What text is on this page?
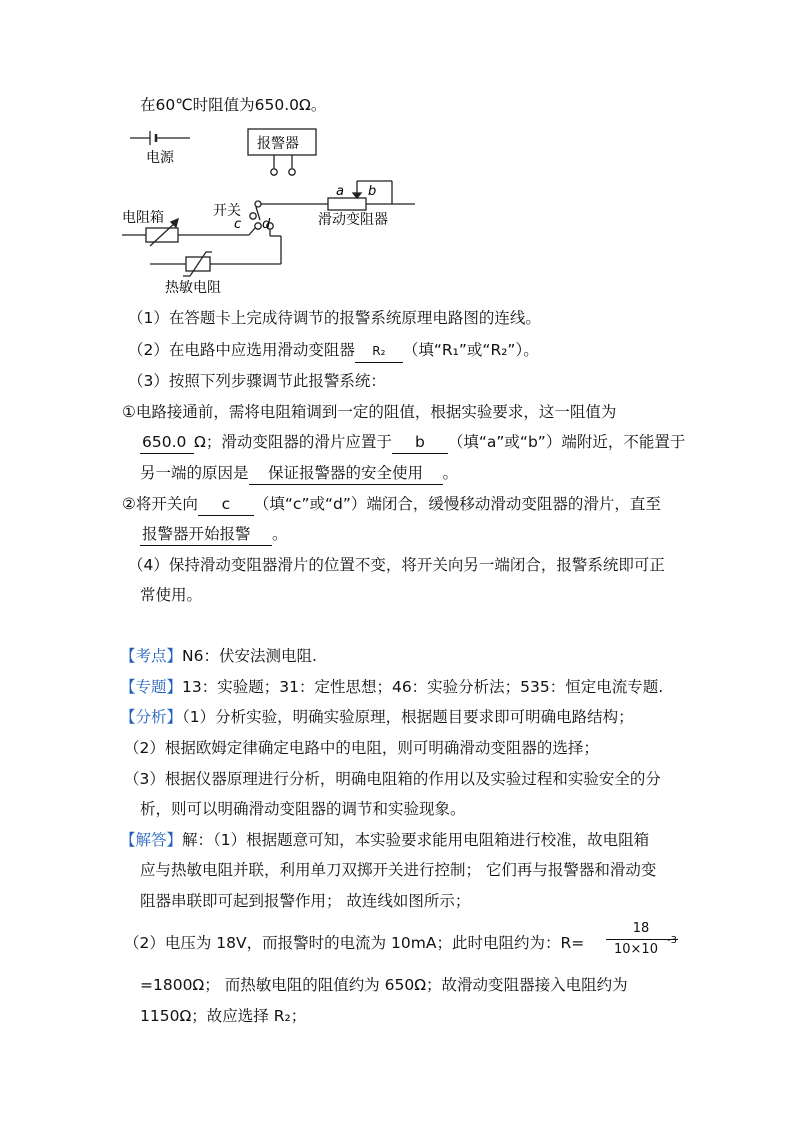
在60℃时阻值为650.0Ω。
电源
报警器
a b
滑动变阻器
开关
c d
电阻箱
热敏电阻
（1）在答题卡上完成待调节的报警系统原理电路图的连线。
（2）在电路中应选用滑动变阻器 R₂ （填“R₁”或“R₂”）。
（3）按照下列步骤调节此报警系统：
①电路接通前，需将电阻箱调到一定的阻值，根据实验要求，这一阻值为
650.0 Ω；滑动变阻器的滑片应置于 b （填“a”或“b”）端附近，不能置于
另一端的原因是 保证报警器的安全使用 。
②将开关向 c （填“c”或“d”）端闭合，缓慢移动滑动变阻器的滑片，直至
报警器开始报警 。
（4）保持滑动变阻器滑片的位置不变，将开关向另一端闭合，报警系统即可正
常使用。
【考点】N6：伏安法测电阻.
【专题】13：实验题；31：定性思想；46：实验分析法；535：恒定电流专题.
【分析】（1）分析实验，明确实验原理，根据题目要求即可明确电路结构；
（2）根据欧姆定律确定电路中的电阻，则可明确滑动变阻器的选择；
（3）根据仪器原理进行分析，明确电阻箱的作用以及实验过程和实验安全的分
析，则可以明确滑动变阻器的调节和实验现象。
【解答】解：（1）根据题意可知，本实验要求能用电阻箱进行校准，故电阻箱
应与热敏电阻并联，利用单刀双掷开关进行控制； 它们再与报警器和滑动变
阻器串联即可起到报警作用； 故连线如图所示；
（2）电压为 18V，而报警时的电流为 10mA；此时电阻约为：R=
18
10×10
-3
=1800Ω； 而热敏电阻的阻值约为 650Ω；故滑动变阻器接入电阻约为
1150Ω；故应选择 R₂；
